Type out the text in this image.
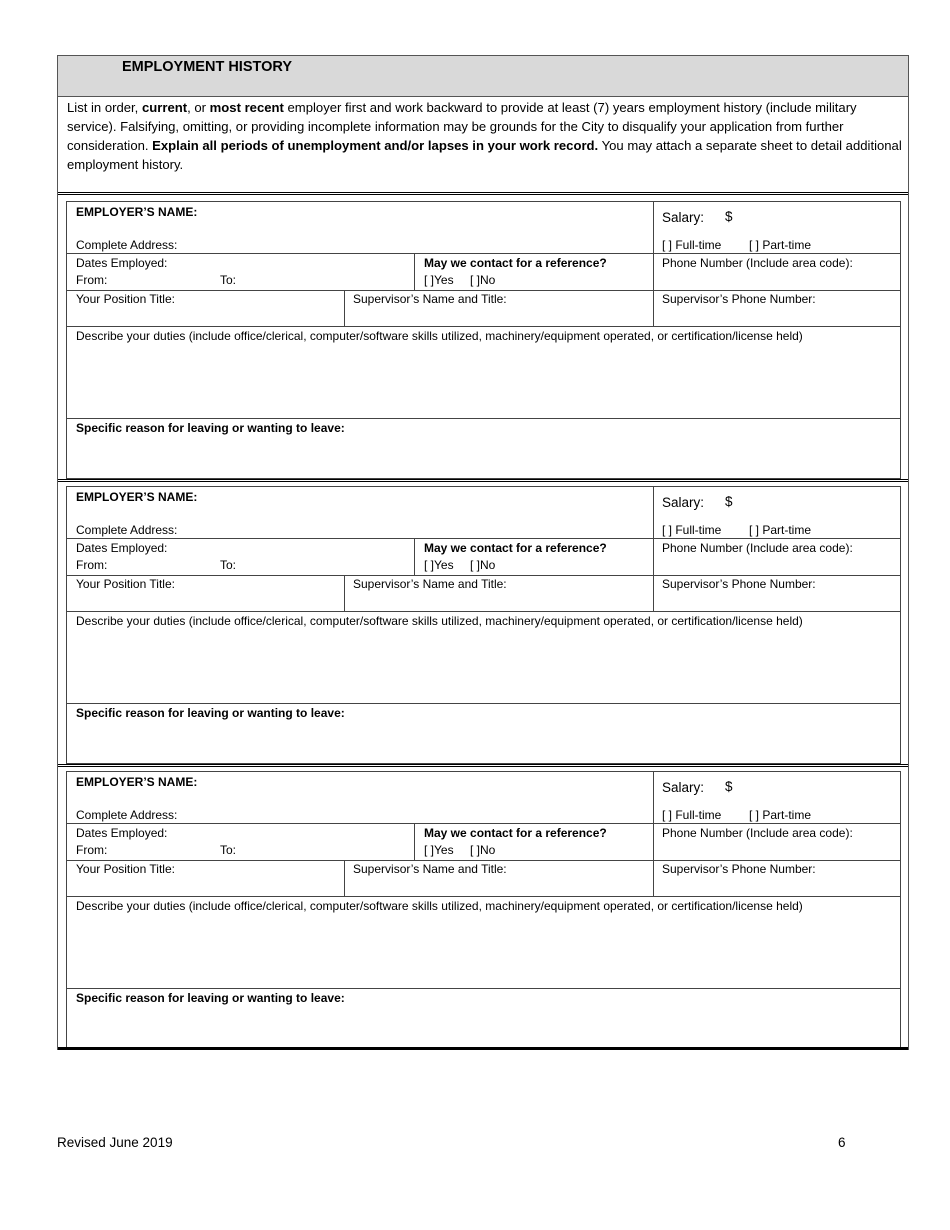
EMPLOYMENT HISTORY
List in order, current, or most recent employer first and work backward to provide at least (7) years employment history (include military service). Falsifying, omitting, or providing incomplete information may be grounds for the City to disqualify your application from further consideration. Explain all periods of unemployment and/or lapses in your work record. You may attach a separate sheet to detail additional employment history.
EMPLOYER’S NAME:
Complete Address:
Salary: $
[ ] Full-time [ ] Part-time
Dates Employed:
From:	To:
May we contact for a reference?
[ ]Yes [ ]No
Phone Number (Include area code):
Your Position Title:	Supervisor’s Name and Title:	Supervisor’s Phone Number:
Describe your duties (include office/clerical, computer/software skills utilized, machinery/equipment operated, or certification/license held)
Specific reason for leaving or wanting to leave:
EMPLOYER’S NAME:
Complete Address:
Salary: $
[ ] Full-time [ ] Part-time
Dates Employed:
From:	To:
May we contact for a reference?
[ ]Yes [ ]No
Phone Number (Include area code):
Your Position Title:	Supervisor’s Name and Title:	Supervisor’s Phone Number:
Describe your duties (include office/clerical, computer/software skills utilized, machinery/equipment operated, or certification/license held)
Specific reason for leaving or wanting to leave:
EMPLOYER’S NAME:
Complete Address:
Salary: $
[ ] Full-time [ ] Part-time
Dates Employed:
From:	To:
May we contact for a reference?
[ ]Yes [ ]No
Phone Number (Include area code):
Your Position Title:	Supervisor’s Name and Title:	Supervisor’s Phone Number:
Describe your duties (include office/clerical, computer/software skills utilized, machinery/equipment operated, or certification/license held)
Specific reason for leaving or wanting to leave:
Revised June 2019	6
